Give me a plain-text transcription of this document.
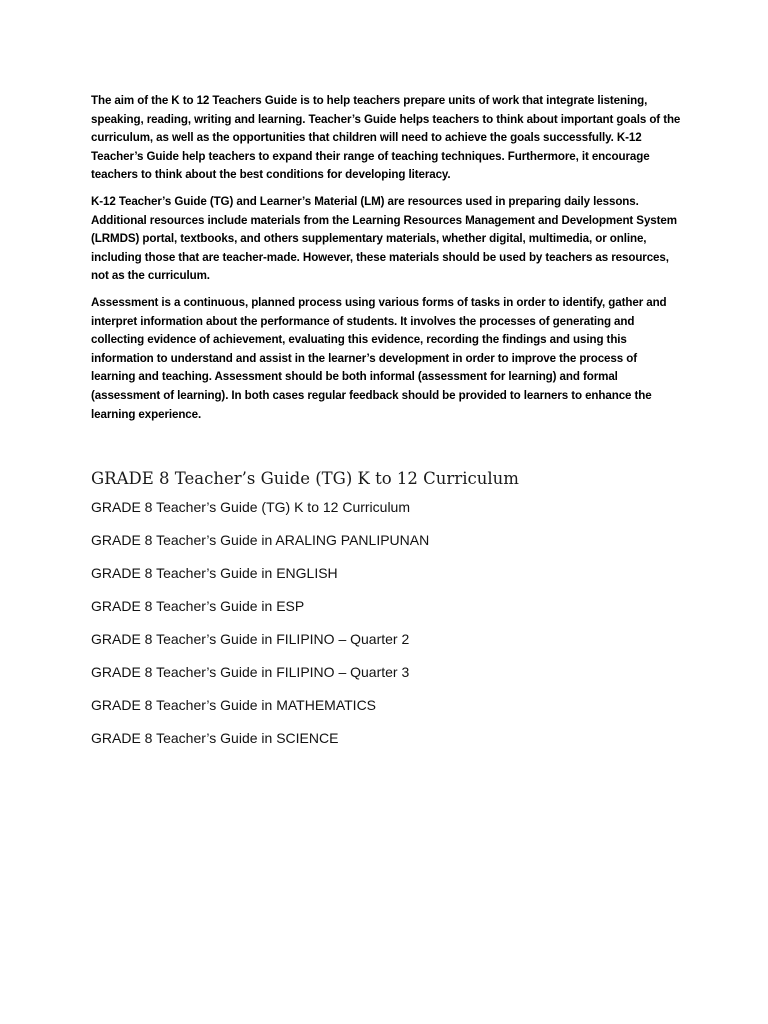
The aim of the K to 12 Teachers Guide is to help teachers prepare units of work that integrate listening, speaking, reading, writing and learning. Teacher’s Guide helps teachers to think about important goals of the curriculum, as well as the opportunities that children will need to achieve the goals successfully. K-12 Teacher’s Guide help teachers to expand their range of teaching techniques. Furthermore, it encourage teachers to think about the best conditions for developing literacy.

K-12 Teacher’s Guide (TG) and Learner’s Material (LM) are resources used in preparing daily lessons. Additional resources include materials from the Learning Resources Management and Development System (LRMDS) portal, textbooks, and others supplementary materials, whether digital, multimedia, or online, including those that are teacher-made. However, these materials should be used by teachers as resources, not as the curriculum.

Assessment is a continuous, planned process using various forms of tasks in order to identify, gather and interpret information about the performance of students. It involves the processes of generating and collecting evidence of achievement, evaluating this evidence, recording the findings and using this information to understand and assist in the learner’s development in order to improve the process of learning and teaching. Assessment should be both informal (assessment for learning) and formal (assessment of learning). In both cases regular feedback should be provided to learners to enhance the learning experience.

GRADE 8 Teacher’s Guide (TG) K to 12 Curriculum
GRADE 8 Teacher’s Guide (TG) K to 12 Curriculum
GRADE 8 Teacher’s Guide in ARALING PANLIPUNAN
GRADE 8 Teacher’s Guide in ENGLISH
GRADE 8 Teacher’s Guide in ESP
GRADE 8 Teacher’s Guide in FILIPINO – Quarter 2
GRADE 8 Teacher’s Guide in FILIPINO – Quarter 3
GRADE 8 Teacher’s Guide in MATHEMATICS
GRADE 8 Teacher’s Guide in SCIENCE
